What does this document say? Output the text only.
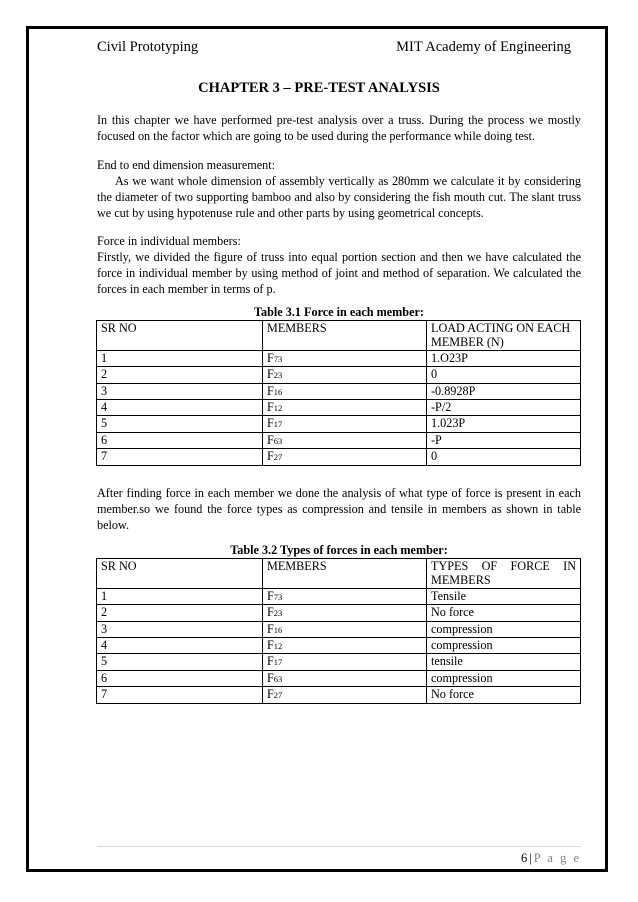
Civil Prototyping	MIT Academy of Engineering
CHAPTER 3 – PRE-TEST ANALYSIS

In this chapter we have performed pre-test analysis over a truss. During the process we mostly focused on the factor which are going to be used during the performance while doing test.

End to end dimension measurement:

As we want whole dimension of assembly vertically as 280mm we calculate it by considering the diameter of two supporting bamboo and also by considering the fish mouth cut. The slant truss we cut by using hypotenuse rule and other parts by using geometrical concepts.

Force in individual members:

Firstly, we divided the figure of truss into equal portion section and then we have calculated the force in individual member by using method of joint and method of separation. We calculated the forces in each member in terms of p.

Table 3.1 Force in each member:
SR NO	MEMBERS	LOAD ACTING ON EACH MEMBER (N)
1	F73	1.O23P
2	F23	0
3	F16	-0.8928P
4	F12	-P/2
5	F17	1.023P
6	F63	-P
7	F27	0

After finding force in each member we done the analysis of what type of force is present in each member.so we found the force types as compression and tensile in members as shown in table below.

Table 3.2 Types of forces in each member:
SR NO	MEMBERS	TYPES OF FORCE IN MEMBERS
1	F73	Tensile
2	F23	No force
3	F16	compression
4	F12	compression
5	F17	tensile
6	F63	compression
7	F27	No force
6 | P a g e
